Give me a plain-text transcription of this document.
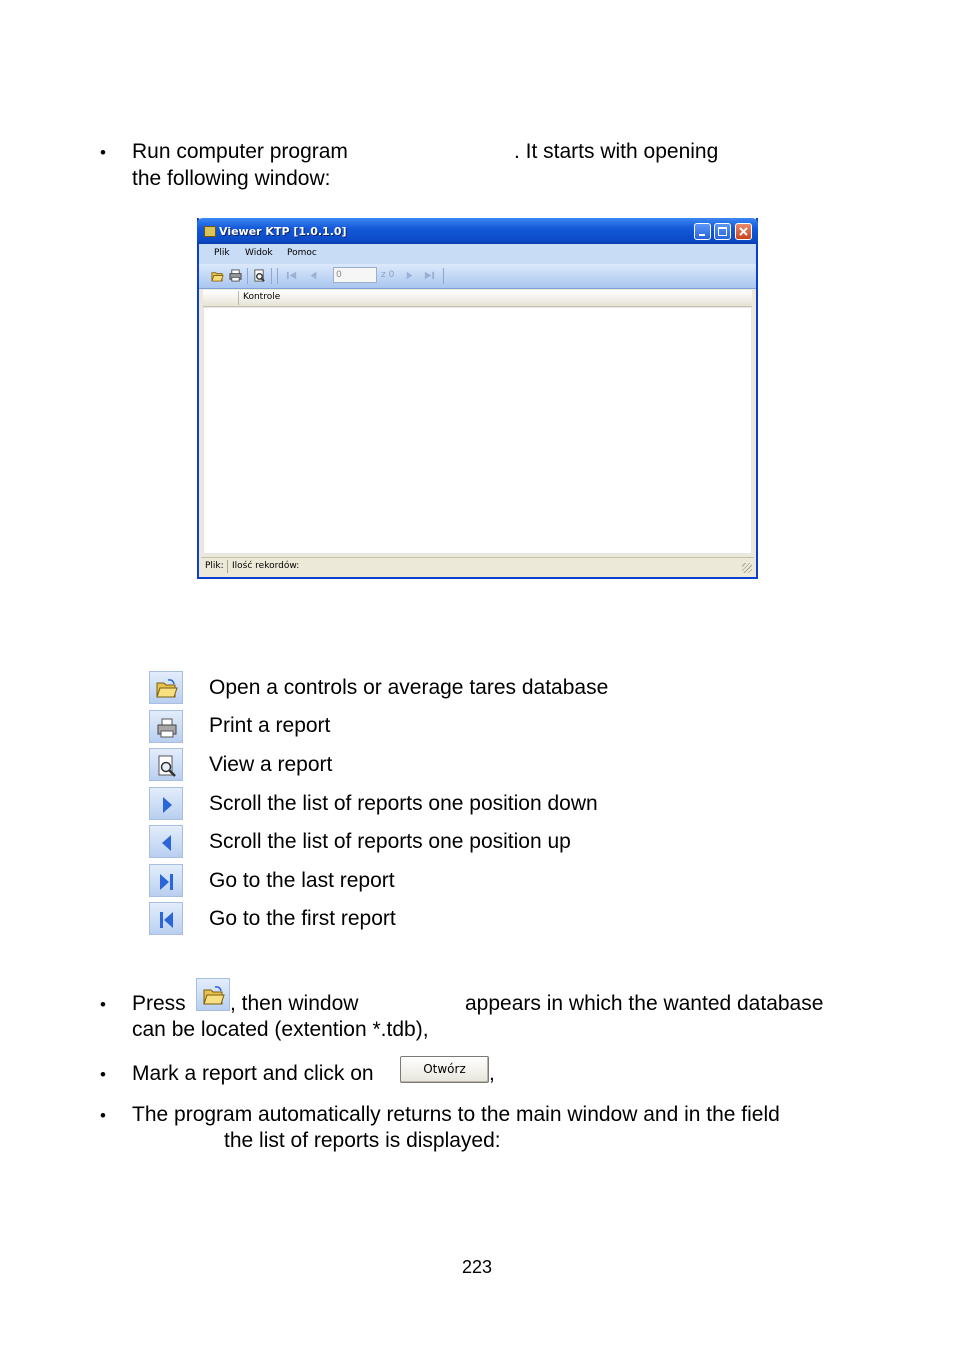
• Run computer program	. It starts with opening
the following window:
Viewer KTP [1.0.1.0]
Plik Widok Pomoc
0	z 0
Kontrole
Plik: Ilość rekordów:
Open a controls or average tares database
Print a report
View a report
Scroll the list of reports one position down
Scroll the list of reports one position up
Go to the last report
Go to the first report
• Press , then window	appears in which the wanted database
can be located (extention *.tdb),
• Mark a report and click on	Otwórz	,
• The program automatically returns to the main window and in the field
the list of reports is displayed:
223
